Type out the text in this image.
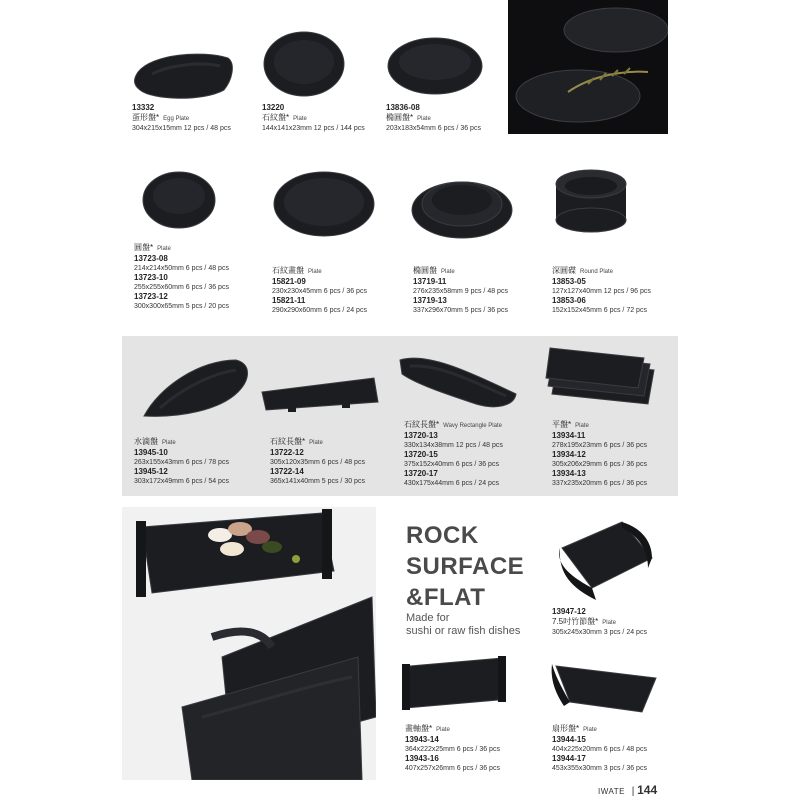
13332
蛋形盤* Egg Plate
304x215x15mm 12 pcs / 48 pcs
13220
石紋盤* Plate
144x141x23mm 12 pcs / 144 pcs
13836-08
橢圓盤* Plate
203x183x54mm 6 pcs / 36 pcs
圓盤* Plate
13723-08
214x214x50mm 6 pcs / 48 pcs
13723-10
255x255x60mm 6 pcs / 36 pcs
13723-12
300x300x65mm 5 pcs / 20 pcs
石紋畫盤 Plate
15821-09
230x230x45mm 6 pcs / 36 pcs
15821-11
290x290x60mm 6 pcs / 24 pcs
橢圓盤 Plate
13719-11
276x235x58mm 9 pcs / 48 pcs
13719-13
337x296x70mm 5 pcs / 36 pcs
深圓碟 Round Plate
13853-05
127x127x40mm 12 pcs / 96 pcs
13853-06
152x152x45mm 6 pcs / 72 pcs
水滴盤 Plate
13945-10
263x155x43mm 6 pcs / 78 pcs
13945-12
303x172x49mm 6 pcs / 54 pcs
石紋長盤* Plate
13722-12
305x120x35mm 6 pcs / 48 pcs
13722-14
365x141x40mm 5 pcs / 30 pcs
石紋長盤* Wavy Rectangle Plate
13720-13
330x134x38mm 12 pcs / 48 pcs
13720-15
375x152x40mm 6 pcs / 36 pcs
13720-17
430x175x44mm 6 pcs / 24 pcs
平盤* Plate
13934-11
278x195x23mm 6 pcs / 36 pcs
13934-12
305x206x29mm 6 pcs / 36 pcs
13934-13
337x235x20mm 6 pcs / 36 pcs
ROCK
SURFACE
&FLAT
Made for
sushi or raw fish dishes
13947-12
7.5吋竹節盤* Plate
305x245x30mm 3 pcs / 24 pcs
畫軸盤* Plate
13943-14
364x222x25mm 6 pcs / 36 pcs
13943-16
407x257x26mm 6 pcs / 36 pcs
扇形盤* Plate
13944-15
404x225x20mm 6 pcs / 48 pcs
13944-17
453x355x30mm 3 pcs / 36 pcs
IWATE | 144
